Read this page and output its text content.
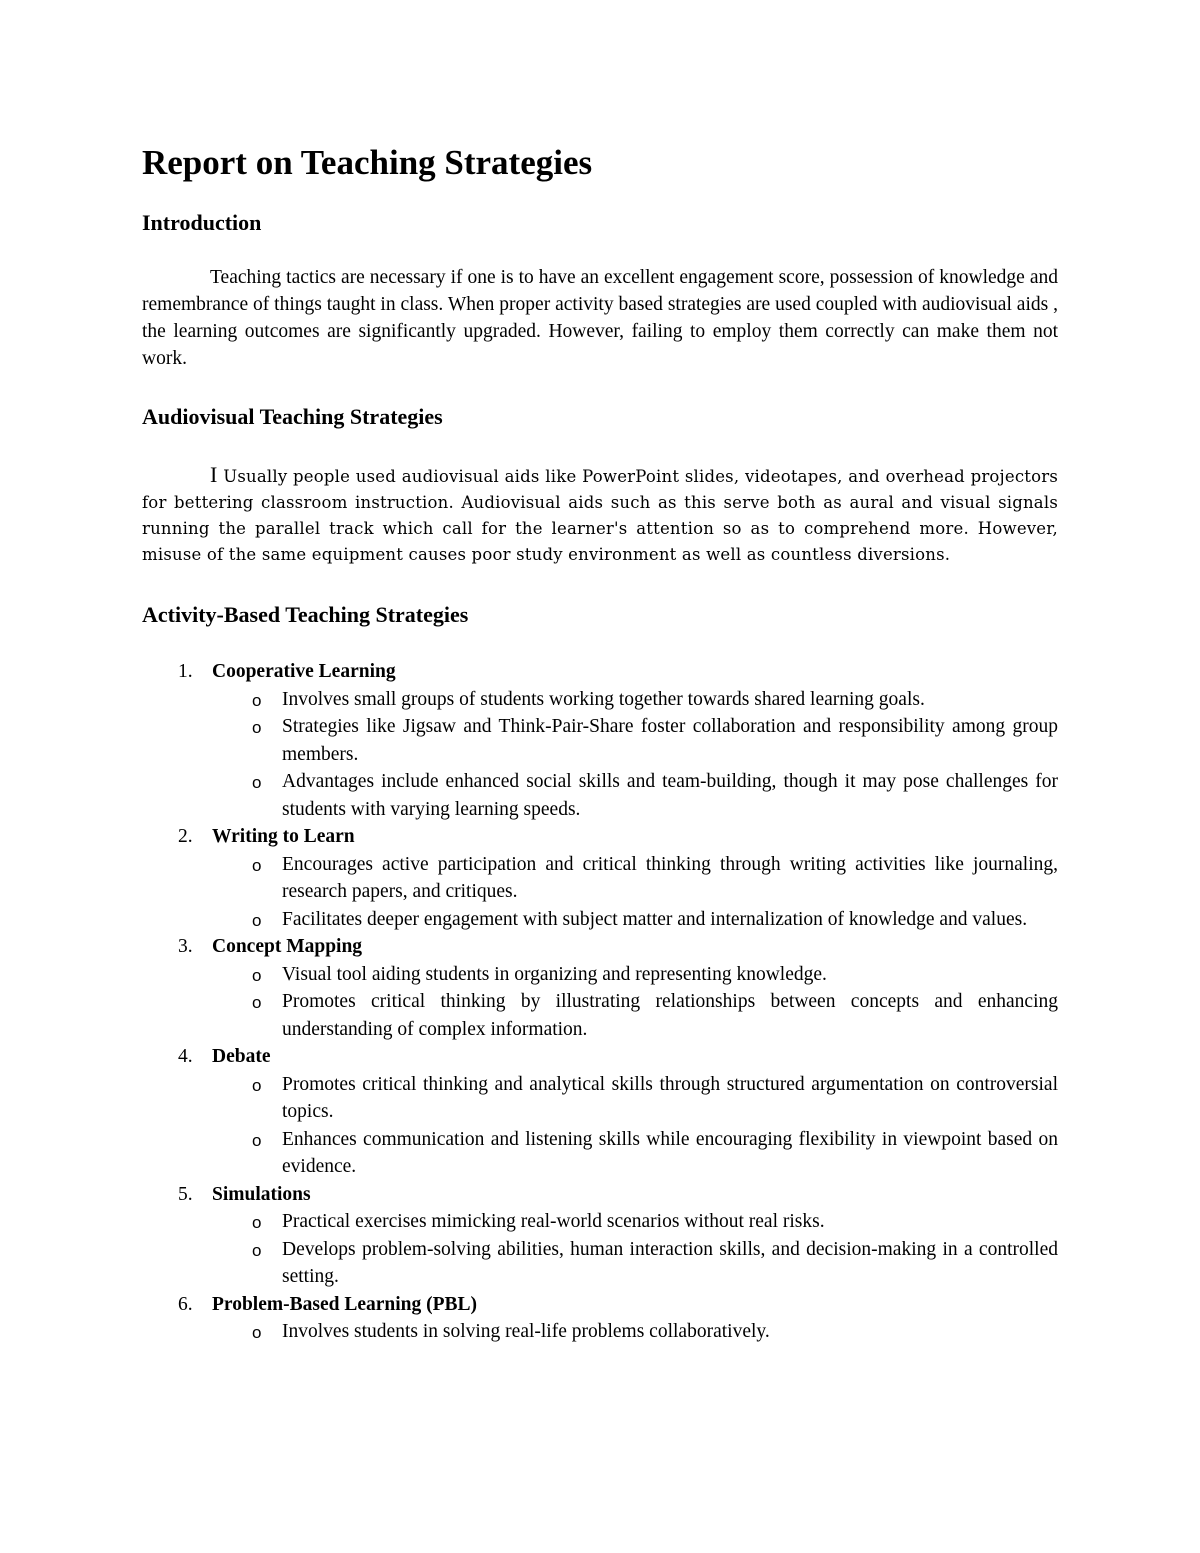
Report on Teaching Strategies
Introduction

Teaching tactics are necessary if one is to have an excellent engagement score, possession of knowledge and remembrance of things taught in class. When proper activity based strategies are used coupled with audiovisual aids , the learning outcomes are significantly upgraded. However, failing to employ them correctly can make them not work.

Audiovisual Teaching Strategies

I Usually people used audiovisual aids like PowerPoint slides, videotapes, and overhead projectors for bettering classroom instruction. Audiovisual aids such as this serve both as aural and visual signals running the parallel track which call for the learner's attention so as to comprehend more. However, misuse of the same equipment causes poor study environment as well as countless diversions.

Activity-Based Teaching Strategies
1. Cooperative Learning
o Involves small groups of students working together towards shared learning goals.
o Strategies like Jigsaw and Think-Pair-Share foster collaboration and responsibility among group members.
o Advantages include enhanced social skills and team-building, though it may pose challenges for students with varying learning speeds.
2. Writing to Learn
o Encourages active participation and critical thinking through writing activities like journaling, research papers, and critiques.
o Facilitates deeper engagement with subject matter and internalization of knowledge and values.
3. Concept Mapping
o Visual tool aiding students in organizing and representing knowledge.
o Promotes critical thinking by illustrating relationships between concepts and enhancing understanding of complex information.
4. Debate
o Promotes critical thinking and analytical skills through structured argumentation on controversial topics.
o Enhances communication and listening skills while encouraging flexibility in viewpoint based on evidence.
5. Simulations
o Practical exercises mimicking real-world scenarios without real risks.
o Develops problem-solving abilities, human interaction skills, and decision-making in a controlled setting.
6. Problem-Based Learning (PBL)
o Involves students in solving real-life problems collaboratively.
